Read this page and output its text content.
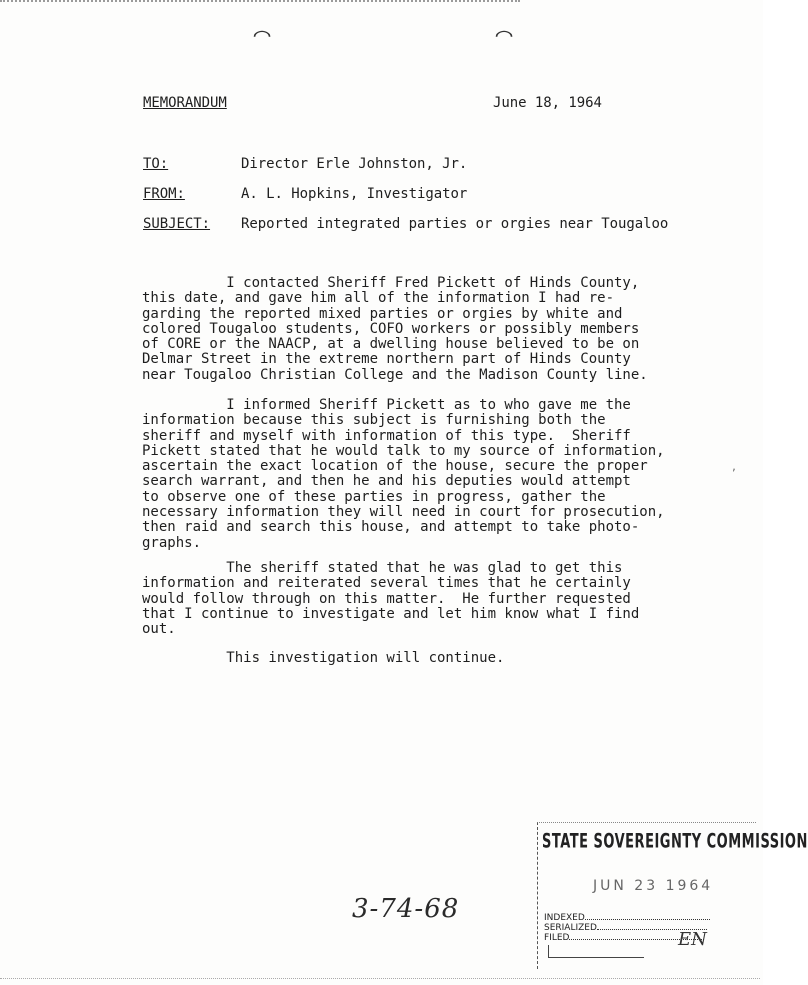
⌒	⌒
MEMORANDUM	June 18, 1964
TO:	Director Erle Johnston, Jr.
FROM:	A. L. Hopkins, Investigator
SUBJECT: Reported integrated parties or orgies near Tougaloo
I contacted Sheriff Fred Pickett of Hinds County,
this date, and gave him all of the information I had re-
garding the reported mixed parties or orgies by white and
colored Tougaloo students, COFO workers or possibly members
of CORE or the NAACP, at a dwelling house believed to be on
Delmar Street in the extreme northern part of Hinds County
near Tougaloo Christian College and the Madison County line.
I informed Sheriff Pickett as to who gave me the
information because this subject is furnishing both the
sheriff and myself with information of this type.  Sheriff
Pickett stated that he would talk to my source of information,
ascertain the exact location of the house, secure the proper
search warrant, and then he and his deputies would attempt
to observe one of these parties in progress, gather the
necessary information they will need in court for prosecution,
then raid and search this house, and attempt to take photo-
graphs.
The sheriff stated that he was glad to get this
information and reiterated several times that he certainly
would follow through on this matter.  He further requested
that I continue to investigate and let him know what I find
out.
This investigation will continue.
,
3-74-68
STATE SOVEREIGNTY COMMISSION
JUN 23 1964
INDEXED
SERIALIZED
FILED	EN
